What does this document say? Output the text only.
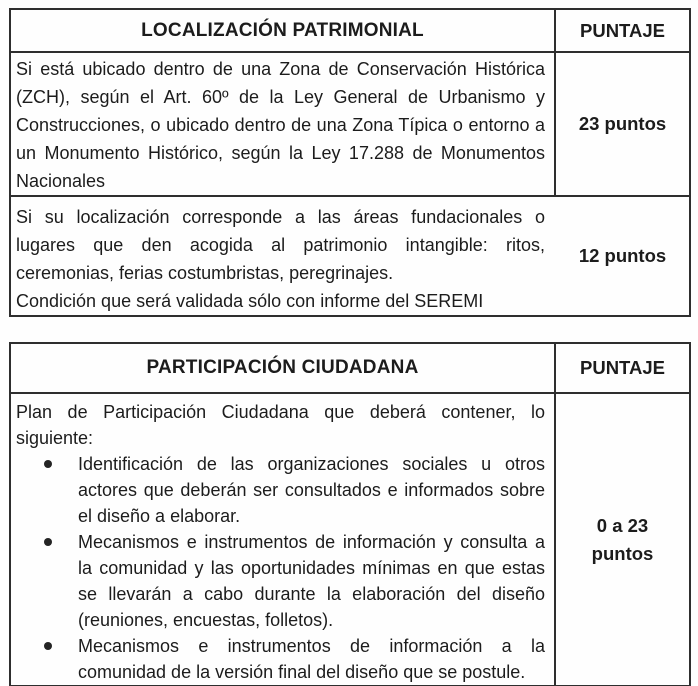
LOCALIZACIÓN PATRIMONIAL	PUNTAJE

Si está ubicado dentro de una Zona de Conservación Histórica (ZCH), según el Art. 60º de la Ley General de Urbanismo y Construcciones, o ubicado dentro de una Zona Típica o entorno a un Monumento Histórico, según la Ley 17.288 de Monumentos Nacionales

23 puntos

Si su localización corresponde a las áreas fundacionales o lugares que den acogida al patrimonio intangible: ritos, ceremonias, ferias costumbristas, peregrinajes.

Condición que será validada sólo con informe del SEREMI

12 puntos
PARTICIPACIÓN CIUDADANA	PUNTAJE

Plan de Participación Ciudadana que deberá contener, lo siguiente:

Identificación de las organizaciones sociales u otros actores que deberán ser consultados e informados sobre el diseño a elaborar.
Mecanismos e instrumentos de información y consulta a la comunidad y las oportunidades mínimas en que estas se llevarán a cabo durante la elaboración del diseño (reuniones, encuestas, folletos).
Mecanismos e instrumentos de información a la comunidad de la versión final del diseño que se postule.
0 a 23
puntos
